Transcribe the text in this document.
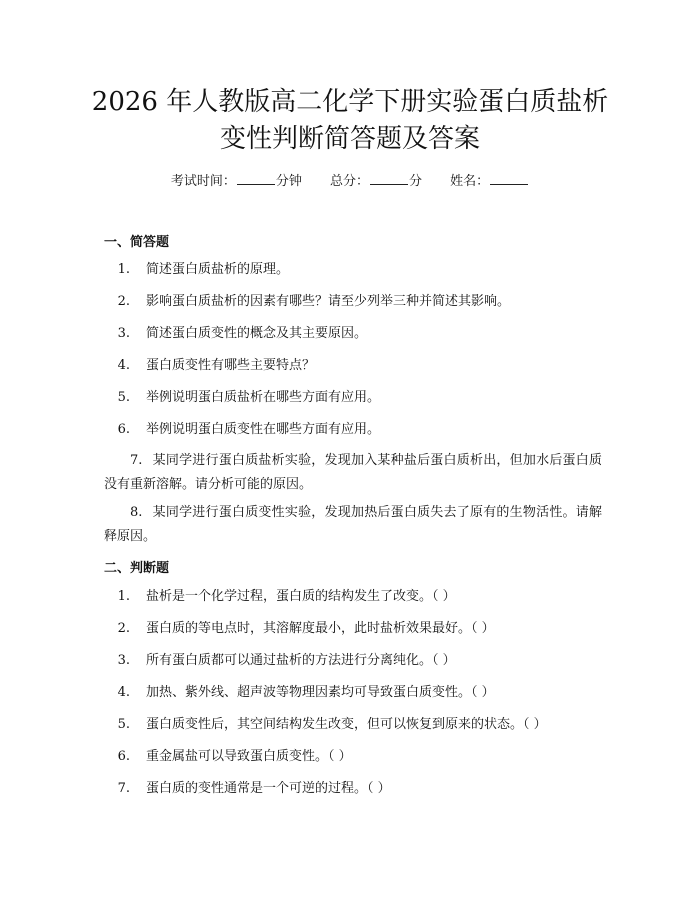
2026 年人教版高二化学下册实验蛋白质盐析
变性判断简答题及答案
考试时间：	分钟 总分：	分 姓名：
一、简答题
1. 简述蛋白质盐析的原理。
2. 影响蛋白质盐析的因素有哪些？请至少列举三种并简述其影响。
3. 简述蛋白质变性的概念及其主要原因。
4. 蛋白质变性有哪些主要特点？
5. 举例说明蛋白质盐析在哪些方面有应用。
6. 举例说明蛋白质变性在哪些方面有应用。
7. 某同学进行蛋白质盐析实验，发现加入某种盐后蛋白质析出，但加水后蛋白质没有重新溶解。请分析可能的原因。
8. 某同学进行蛋白质变性实验，发现加热后蛋白质失去了原有的生物活性。请解释原因。
二、判断题
1. 盐析是一个化学过程，蛋白质的结构发生了改变。（ ）
2. 蛋白质的等电点时，其溶解度最小，此时盐析效果最好。（ ）
3. 所有蛋白质都可以通过盐析的方法进行分离纯化。（ ）
4. 加热、紫外线、超声波等物理因素均可导致蛋白质变性。（ ）
5. 蛋白质变性后，其空间结构发生改变，但可以恢复到原来的状态。（ ）
6. 重金属盐可以导致蛋白质变性。（ ）
7. 蛋白质的变性通常是一个可逆的过程。（ ）
